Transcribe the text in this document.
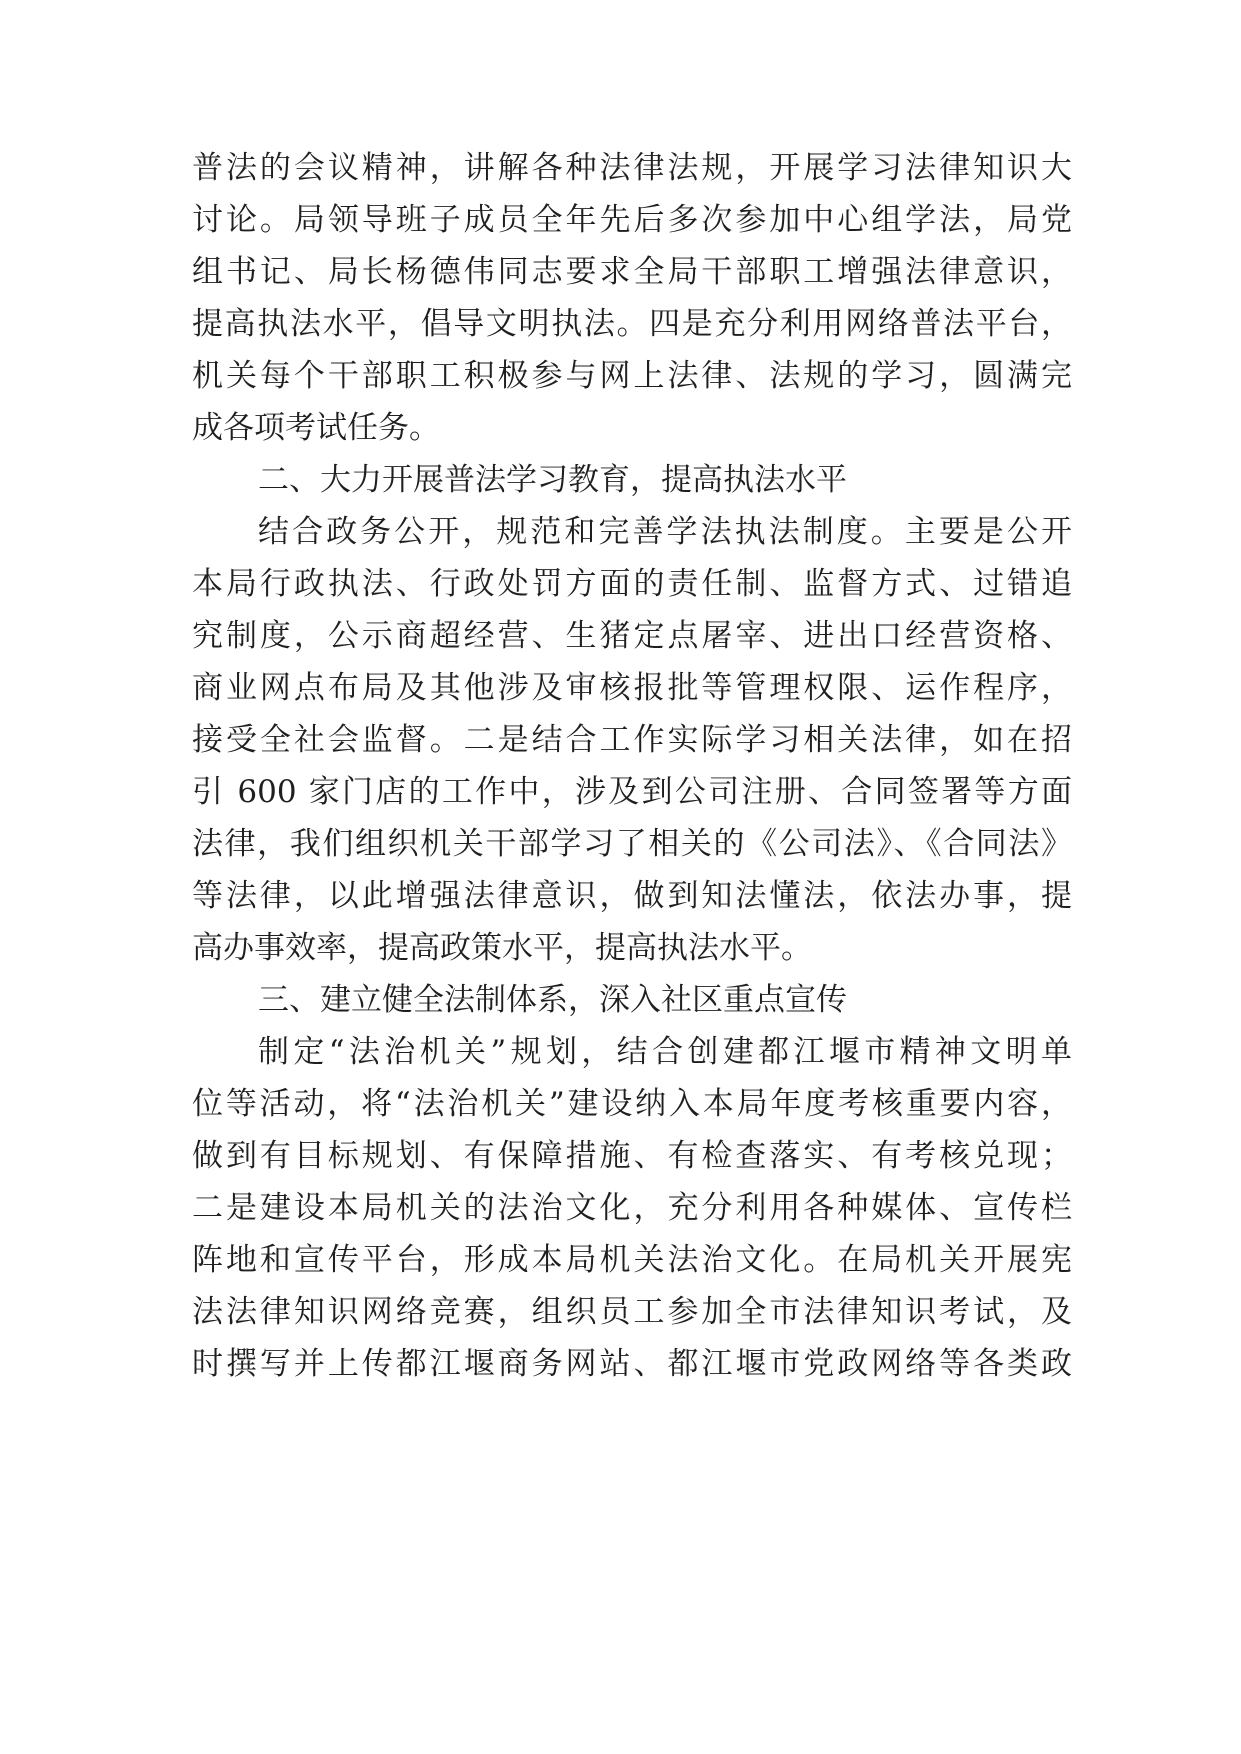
普法的会议精神，讲解各种法律法规，开展学习法律知识大

讨论。局领导班子成员全年先后多次参加中心组学法，局党

组书记、局长杨德伟同志要求全局干部职工增强法律意识，

提高执法水平，倡导文明执法。四是充分利用网络普法平台，

机关每个干部职工积极参与网上法律、法规的学习，圆满完

成各项考试任务。

二、大力开展普法学习教育，提高执法水平

结合政务公开，规范和完善学法执法制度。主要是公开

本局行政执法、行政处罚方面的责任制、监督方式、过错追

究制度，公示商超经营、生猪定点屠宰、进出口经营资格、

商业网点布局及其他涉及审核报批等管理权限、运作程序，

接受全社会监督。二是结合工作实际学习相关法律，如在招

引 600 家门店的工作中，涉及到公司注册、合同签署等方面

法律，我们组织机关干部学习了相关的《公司法》、《合同法》

等法律，以此增强法律意识，做到知法懂法，依法办事，提

高办事效率，提高政策水平，提高执法水平。

三、建立健全法制体系，深入社区重点宣传

制定“法治机关”规划，结合创建都江堰市精神文明单

位等活动，将“法治机关”建设纳入本局年度考核重要内容，

做到有目标规划、有保障措施、有检查落实、有考核兑现；

二是建设本局机关的法治文化，充分利用各种媒体、宣传栏

阵地和宣传平台，形成本局机关法治文化。在局机关开展宪

法法律知识网络竞赛，组织员工参加全市法律知识考试，及

时撰写并上传都江堰商务网站、都江堰市党政网络等各类政
